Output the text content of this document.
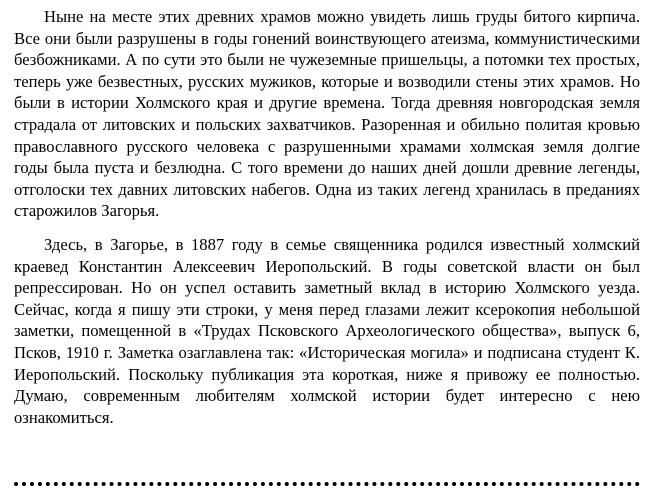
Ныне на месте этих древних храмов можно увидеть лишь груды битого кирпича. Все они были разрушены в годы гонений воинствующего атеизма, коммунистическими безбожниками. А по сути это были не чужеземные пришельцы, а потомки тех простых, теперь уже безвестных, русских мужиков, которые и возводили стены этих храмов. Но были в истории Холмского края и другие времена. Тогда древняя новгородская земля страдала от литовских и польских захватчиков. Разоренная и обильно политая кровью православного русского человека с разрушенными храмами холмская земля долгие годы была пуста и безлюдна. С того времени до наших дней дошли древние легенды, отголоски тех давних литовских набегов. Одна из таких легенд хранилась в преданиях старожилов Загорья.

Здесь, в Загорье, в 1887 году в семье священника родился известный холмский краевед Константин Алексеевич Иеропольский. В годы советской власти он был репрессирован. Но он успел оставить заметный вклад в историю Холмского уезда. Сейчас, когда я пишу эти строки, у меня перед глазами лежит ксерокопия небольшой заметки, помещенной в «Трудах Псковского Археологического общества», выпуск 6, Псков, 1910 г. Заметка озаглавлена так: «Историческая могила» и подписана студент К. Иеропольский. Поскольку публикация эта короткая, ниже я привожу ее полностью. Думаю, современным любителям холмской истории будет интересно с нею ознакомиться.
